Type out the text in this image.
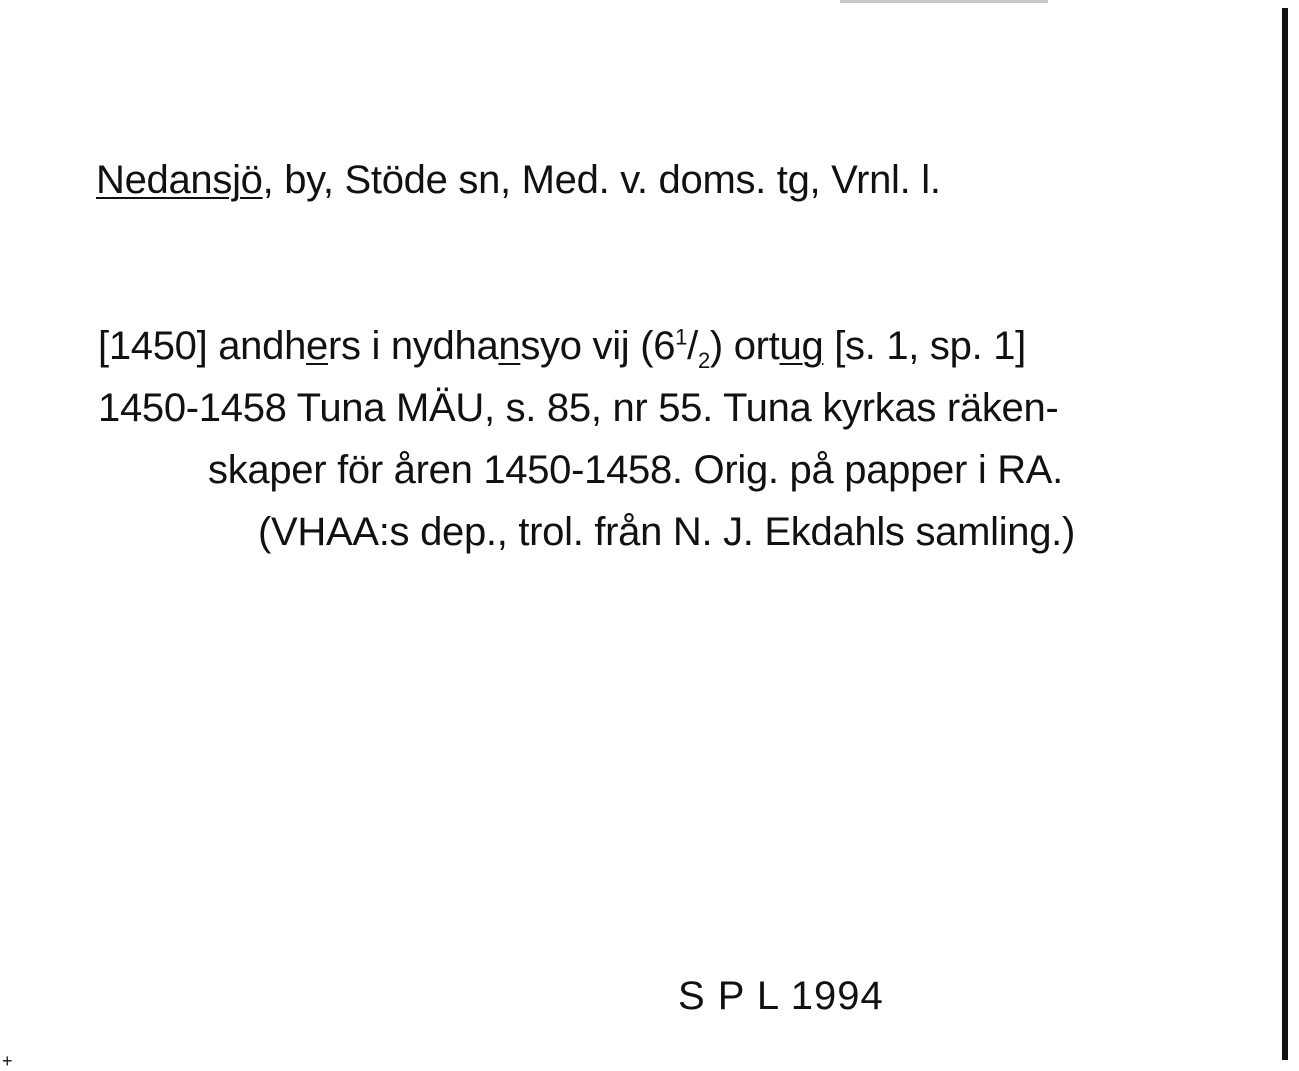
Nedansjö, by, Stöde sn, Med. v. doms. tg, Vrnl. l.
[1450] andhers i nydhansyo vij $(6^1/_2)$ ortug [s. 1, sp. 1]
1450-1458 Tuna MÄU, s. 85, nr 55. Tuna kyrkas räken-
skaper för åren 1450-1458. Orig. på papper i RA.
(VHAA:s dep., trol. från N. J. Ekdahls samling.)
S P L 1994
+
